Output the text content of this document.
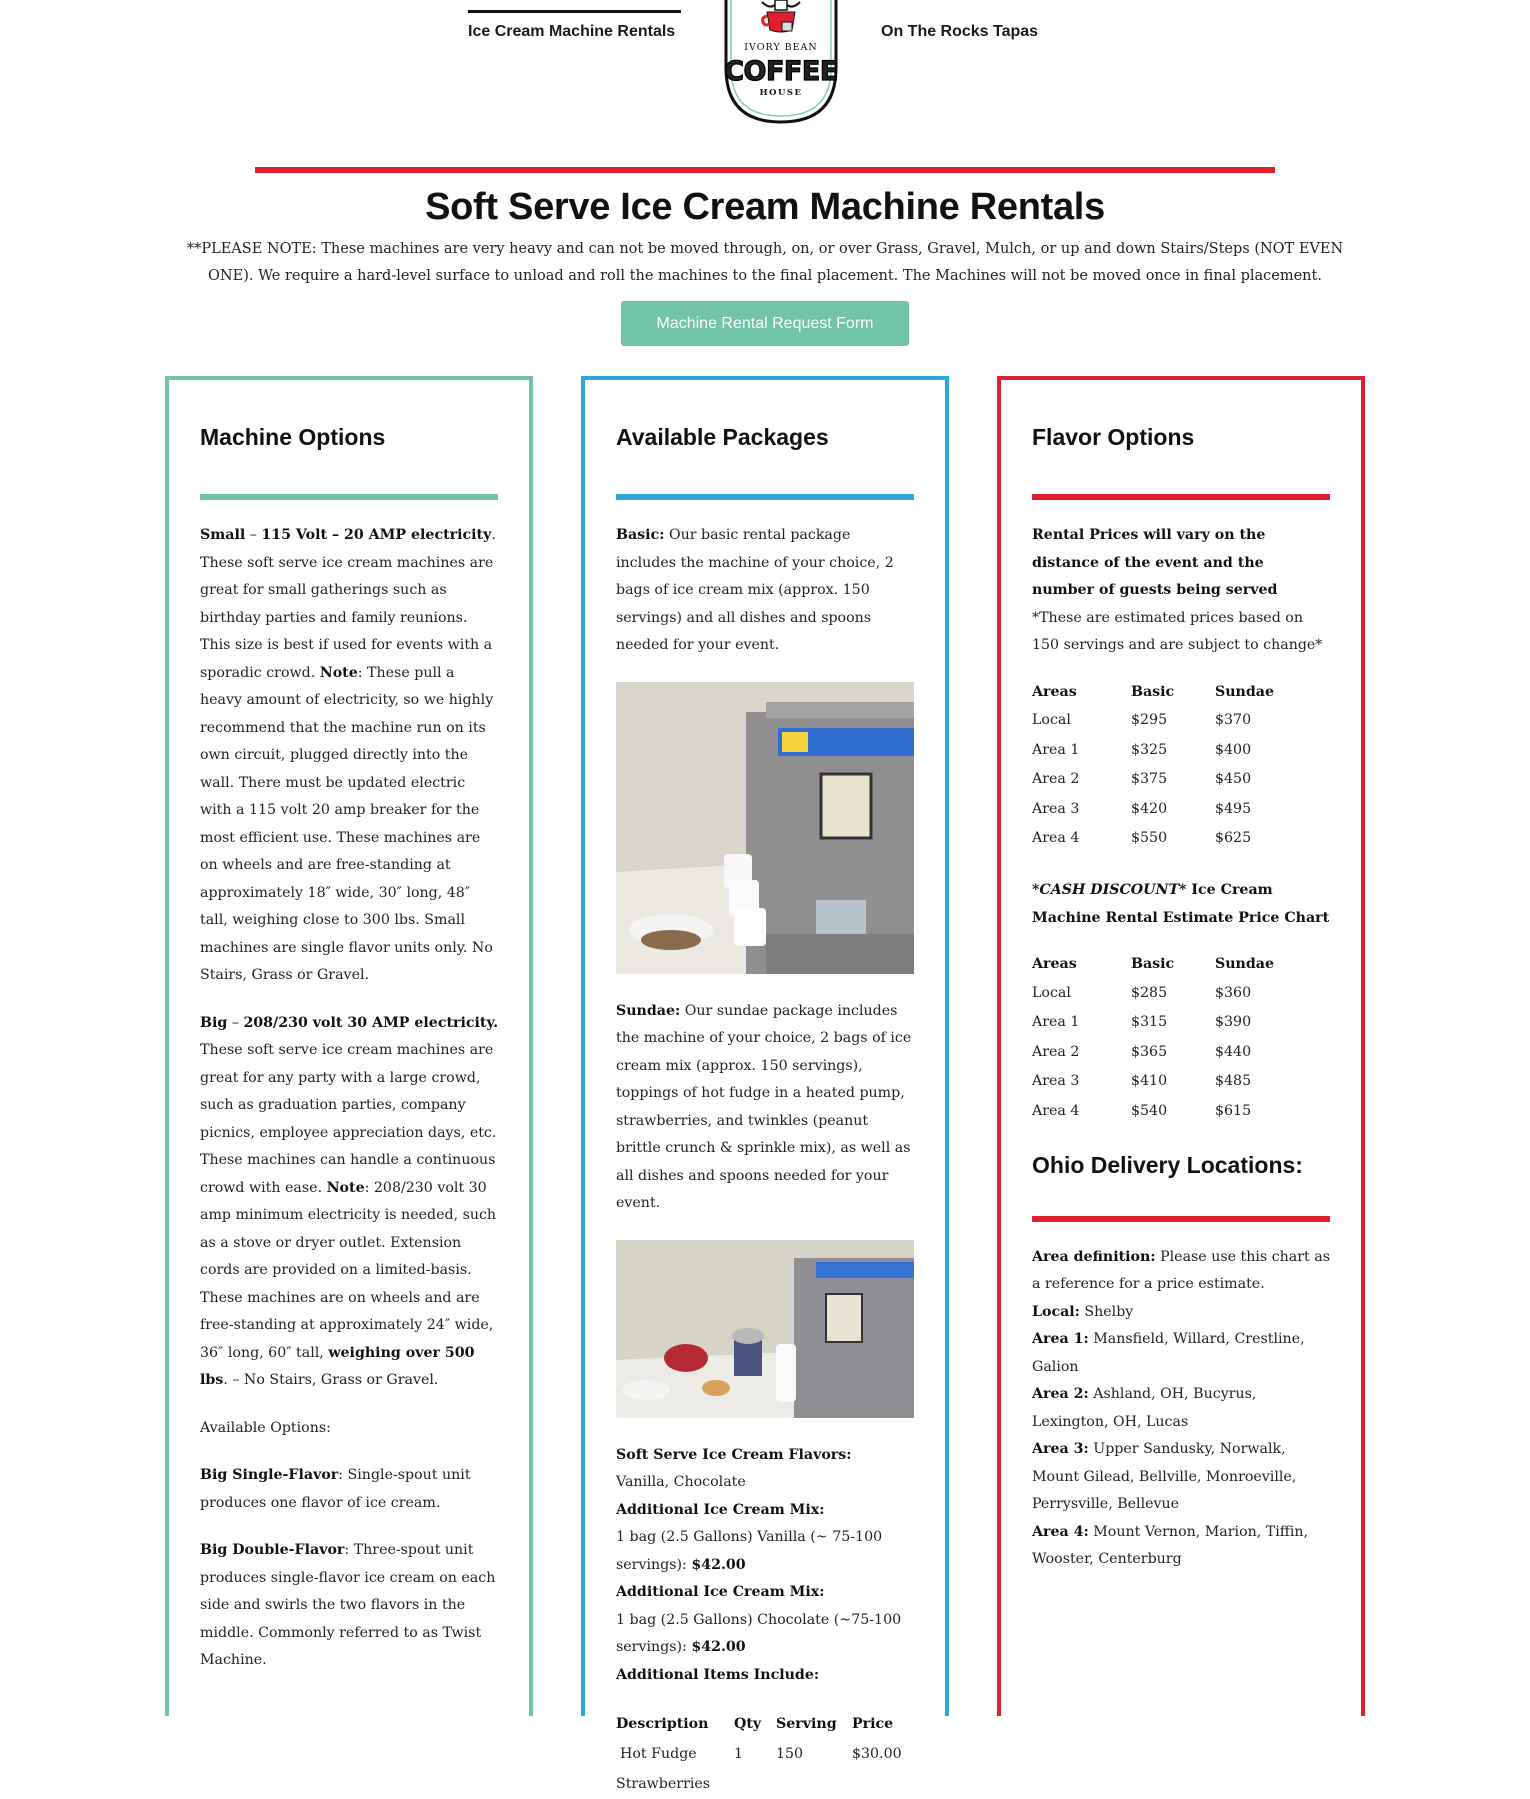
Ice Cream Machine Rentals
IVORY BEAN
COFFEE
HOUSE
On The Rocks Tapas
Soft Serve Ice Cream Machine Rentals

**PLEASE NOTE: These machines are very heavy and can not be moved through, on, or over Grass, Gravel, Mulch, or up and down Stairs/Steps (NOT EVEN ONE). We require a hard-level surface to unload and roll the machines to the final placement. The Machines will not be moved once in final placement.

Machine Rental Request Form
Machine Options

Small – 115 Volt – 20 AMP electricity. These soft serve ice cream machines are great for small gatherings such as birthday parties and family reunions. This size is best if used for events with a sporadic crowd. Note: These pull a heavy amount of electricity, so we highly recommend that the machine run on its own circuit, plugged directly into the wall. There must be updated electric with a 115 volt 20 amp breaker for the most efficient use. These machines are on wheels and are free-standing at approximately 18″ wide, 30″ long, 48″ tall, weighing close to 300 lbs. Small machines are single flavor units only. No Stairs, Grass or Gravel.

Big – 208/230 volt 30 AMP electricity. These soft serve ice cream machines are great for any party with a large crowd, such as graduation parties, company picnics, employee appreciation days, etc. These machines can handle a continuous crowd with ease. Note: 208/230 volt 30 amp minimum electricity is needed, such as a stove or dryer outlet. Extension cords are provided on a limited-basis. These machines are on wheels and are free-standing at approximately 24″ wide, 36″ long, 60″ tall, weighing over 500 lbs. – No Stairs, Grass or Gravel.

Available Options:

Big Single-Flavor: Single-spout unit produces one flavor of ice cream.

Big Double-Flavor: Three-spout unit produces single-flavor ice cream on each side and swirls the two flavors in the middle. Commonly referred to as Twist Machine.

Available Packages

Basic: Our basic rental package includes the machine of your choice, 2 bags of ice cream mix (approx. 150 servings) and all dishes and spoons needed for your event.

Sundae: Our sundae package includes the machine of your choice, 2 bags of ice cream mix (approx. 150 servings), toppings of hot fudge in a heated pump, strawberries, and twinkles (peanut brittle crunch & sprinkle mix), as well as all dishes and spoons needed for your event.

Soft Serve Ice Cream Flavors:

Vanilla, Chocolate

Additional Ice Cream Mix:

1 bag (2.5 Gallons) Vanilla (~ 75-100 servings): $42.00

Additional Ice Cream Mix:

1 bag (2.5 Gallons) Chocolate (~75-100 servings): $42.00

Additional Items Include:

Description	Qty	Serving	Price
Hot Fudge	1	150	$30.00
Strawberries			
Flavor Options

Rental Prices will vary on the distance of the event and the number of guests being served

*These are estimated prices based on 150 servings and are subject to change*

Areas	Basic	Sundae
Local	$295	$370
Area 1	$325	$400
Area 2	$375	$450
Area 3	$420	$495
Area 4	$550	$625

*CASH DISCOUNT* Ice Cream Machine Rental Estimate Price Chart

Areas	Basic	Sundae
Local	$285	$360
Area 1	$315	$390
Area 2	$365	$440
Area 3	$410	$485
Area 4	$540	$615
Ohio Delivery Locations:

Area definition: Please use this chart as a reference for a price estimate.

Local: Shelby

Area 1: Mansfield, Willard, Crestline, Galion

Area 2: Ashland, OH, Bucyrus, Lexington, OH, Lucas

Area 3: Upper Sandusky, Norwalk, Mount Gilead, Bellville, Monroeville, Perrysville, Bellevue

Area 4: Mount Vernon, Marion, Tiffin, Wooster, Centerburg
